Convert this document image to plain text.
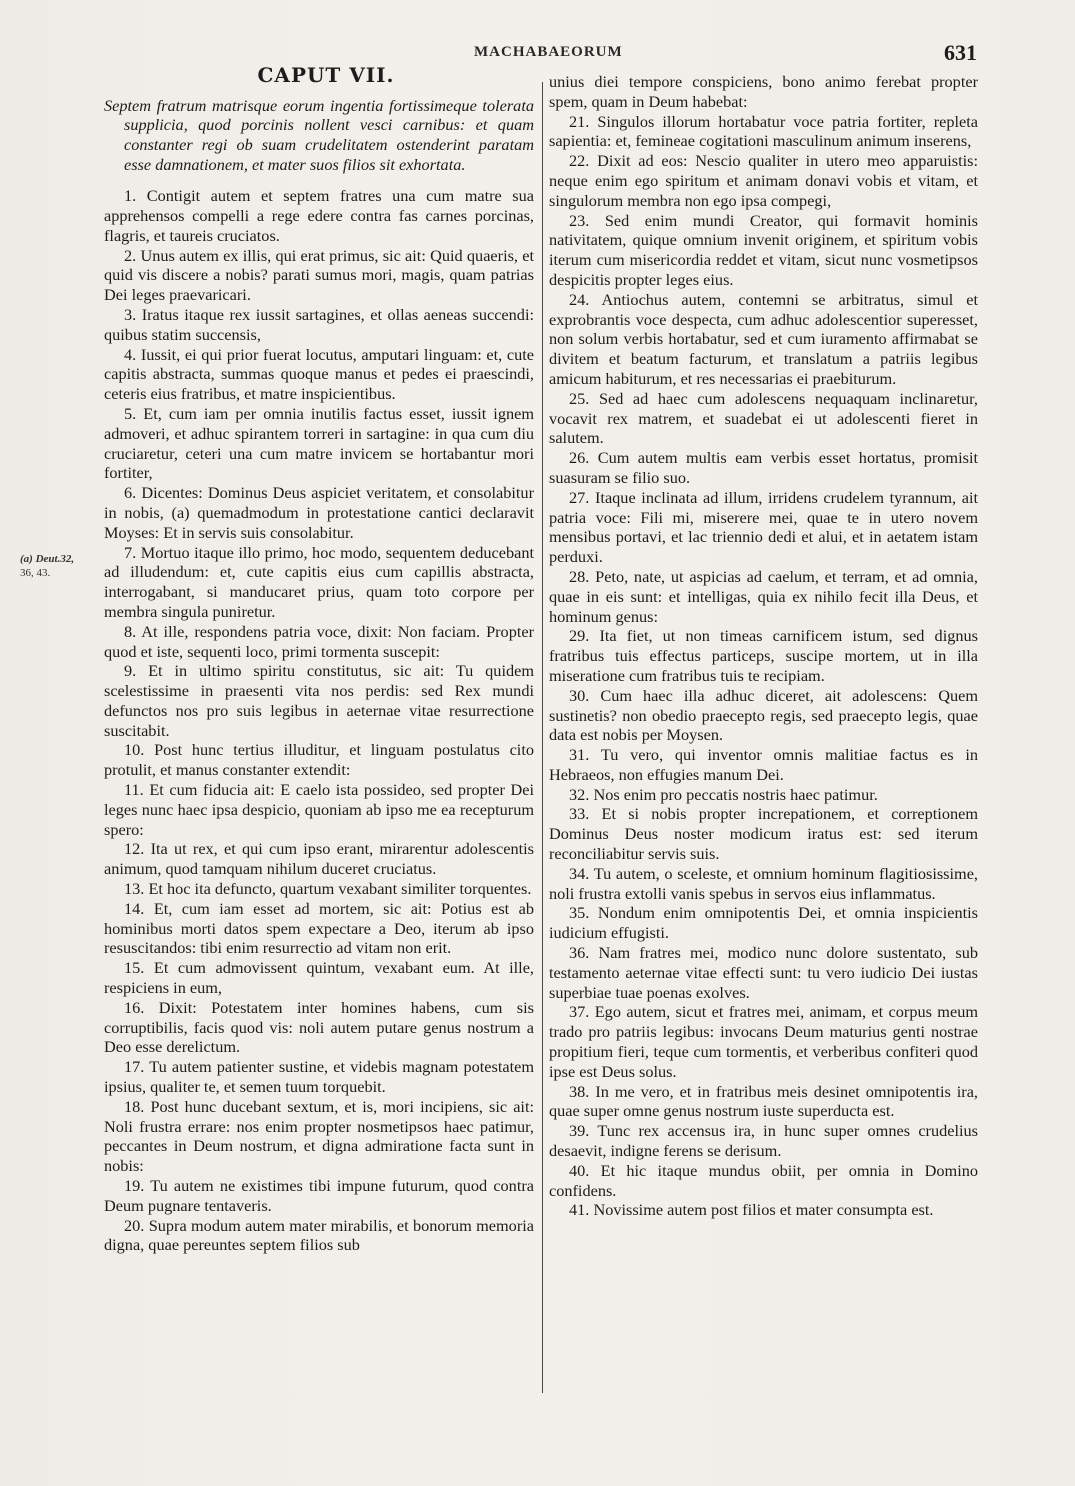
MACHABAEORUM	631
(a) Deut.32,
36, 43.
CAPUT VII.

Septem fratrum matrisque eorum ingentia fortissimeque tolerata supplicia, quod porcinis nollent vesci carnibus: et quam constanter regi ob suam crudelitatem ostenderint paratam esse damnationem, et mater suos filios sit exhortata.

1. Contigit autem et septem fratres una cum matre sua apprehensos compelli a rege edere contra fas carnes porcinas, flagris, et taureis cruciatos.

2. Unus autem ex illis, qui erat primus, sic ait: Quid quaeris, et quid vis discere a nobis? parati sumus mori, magis, quam patrias Dei leges praevaricari.

3. Iratus itaque rex iussit sartagines, et ollas aeneas succendi: quibus statim succensis,

4. Iussit, ei qui prior fuerat locutus, amputari linguam: et, cute capitis abstracta, summas quoque manus et pedes ei praescindi, ceteris eius fratribus, et matre inspicientibus.

5. Et, cum iam per omnia inutilis factus esset, iussit ignem admoveri, et adhuc spirantem torreri in sartagine: in qua cum diu cruciaretur, ceteri una cum matre invicem se hortabantur mori fortiter,

6. Dicentes: Dominus Deus aspiciet veritatem, et consolabitur in nobis, (a) quemadmodum in protestatione cantici declaravit Moyses: Et in servis suis consolabitur.

7. Mortuo itaque illo primo, hoc modo, sequentem deducebant ad illudendum: et, cute capitis eius cum capillis abstracta, interrogabant, si manducaret prius, quam toto corpore per membra singula puniretur.

8. At ille, respondens patria voce, dixit: Non faciam. Propter quod et iste, sequenti loco, primi tormenta suscepit:

9. Et in ultimo spiritu constitutus, sic ait: Tu quidem scelestissime in praesenti vita nos perdis: sed Rex mundi defunctos nos pro suis legibus in aeternae vitae resurrectione suscitabit.

10. Post hunc tertius illuditur, et linguam postulatus cito protulit, et manus constanter extendit:

11. Et cum fiducia ait: E caelo ista possideo, sed propter Dei leges nunc haec ipsa despicio, quoniam ab ipso me ea recepturum spero:

12. Ita ut rex, et qui cum ipso erant, mirarentur adolescentis animum, quod tamquam nihilum duceret cruciatus.

13. Et hoc ita defuncto, quartum vexabant similiter torquentes.

14. Et, cum iam esset ad mortem, sic ait: Potius est ab hominibus morti datos spem expectare a Deo, iterum ab ipso resuscitandos: tibi enim resurrectio ad vitam non erit.

15. Et cum admovissent quintum, vexabant eum. At ille, respiciens in eum,

16. Dixit: Potestatem inter homines habens, cum sis corruptibilis, facis quod vis: noli autem putare genus nostrum a Deo esse derelictum.

17. Tu autem patienter sustine, et videbis magnam potestatem ipsius, qualiter te, et semen tuum torquebit.

18. Post hunc ducebant sextum, et is, mori incipiens, sic ait: Noli frustra errare: nos enim propter nosmetipsos haec patimur, peccantes in Deum nostrum, et digna admiratione facta sunt in nobis:

19. Tu autem ne existimes tibi impune futurum, quod contra Deum pugnare tentaveris.

20. Supra modum autem mater mirabilis, et bonorum memoria digna, quae pereuntes septem filios sub

unius diei tempore conspiciens, bono animo ferebat propter spem, quam in Deum habebat:

21. Singulos illorum hortabatur voce patria fortiter, repleta sapientia: et, femineae cogitationi masculinum animum inserens,

22. Dixit ad eos: Nescio qualiter in utero meo apparuistis: neque enim ego spiritum et animam donavi vobis et vitam, et singulorum membra non ego ipsa compegi,

23. Sed enim mundi Creator, qui formavit hominis nativitatem, quique omnium invenit originem, et spiritum vobis iterum cum misericordia reddet et vitam, sicut nunc vosmetipsos despicitis propter leges eius.

24. Antiochus autem, contemni se arbitratus, simul et exprobrantis voce despecta, cum adhuc adolescentior superesset, non solum verbis hortabatur, sed et cum iuramento affirmabat se divitem et beatum facturum, et translatum a patriis legibus amicum habiturum, et res necessarias ei praebiturum.

25. Sed ad haec cum adolescens nequaquam inclinaretur, vocavit rex matrem, et suadebat ei ut adolescenti fieret in salutem.

26. Cum autem multis eam verbis esset hortatus, promisit suasuram se filio suo.

27. Itaque inclinata ad illum, irridens crudelem tyrannum, ait patria voce: Fili mi, miserere mei, quae te in utero novem mensibus portavi, et lac triennio dedi et alui, et in aetatem istam perduxi.

28. Peto, nate, ut aspicias ad caelum, et terram, et ad omnia, quae in eis sunt: et intelligas, quia ex nihilo fecit illa Deus, et hominum genus:

29. Ita fiet, ut non timeas carnificem istum, sed dignus fratribus tuis effectus particeps, suscipe mortem, ut in illa miseratione cum fratribus tuis te recipiam.

30. Cum haec illa adhuc diceret, ait adolescens: Quem sustinetis? non obedio praecepto regis, sed praecepto legis, quae data est nobis per Moysen.

31. Tu vero, qui inventor omnis malitiae factus es in Hebraeos, non effugies manum Dei.

32. Nos enim pro peccatis nostris haec patimur.

33. Et si nobis propter increpationem, et correptionem Dominus Deus noster modicum iratus est: sed iterum reconciliabitur servis suis.

34. Tu autem, o sceleste, et omnium hominum flagitiosissime, noli frustra extolli vanis spebus in servos eius inflammatus.

35. Nondum enim omnipotentis Dei, et omnia inspicientis iudicium effugisti.

36. Nam fratres mei, modico nunc dolore sustentato, sub testamento aeternae vitae effecti sunt: tu vero iudicio Dei iustas superbiae tuae poenas exolves.

37. Ego autem, sicut et fratres mei, animam, et corpus meum trado pro patriis legibus: invocans Deum maturius genti nostrae propitium fieri, teque cum tormentis, et verberibus confiteri quod ipse est Deus solus.

38. In me vero, et in fratribus meis desinet omnipotentis ira, quae super omne genus nostrum iuste superducta est.

39. Tunc rex accensus ira, in hunc super omnes crudelius desaevit, indigne ferens se derisum.

40. Et hic itaque mundus obiit, per omnia in Domino confidens.

41. Novissime autem post filios et mater consumpta est.
